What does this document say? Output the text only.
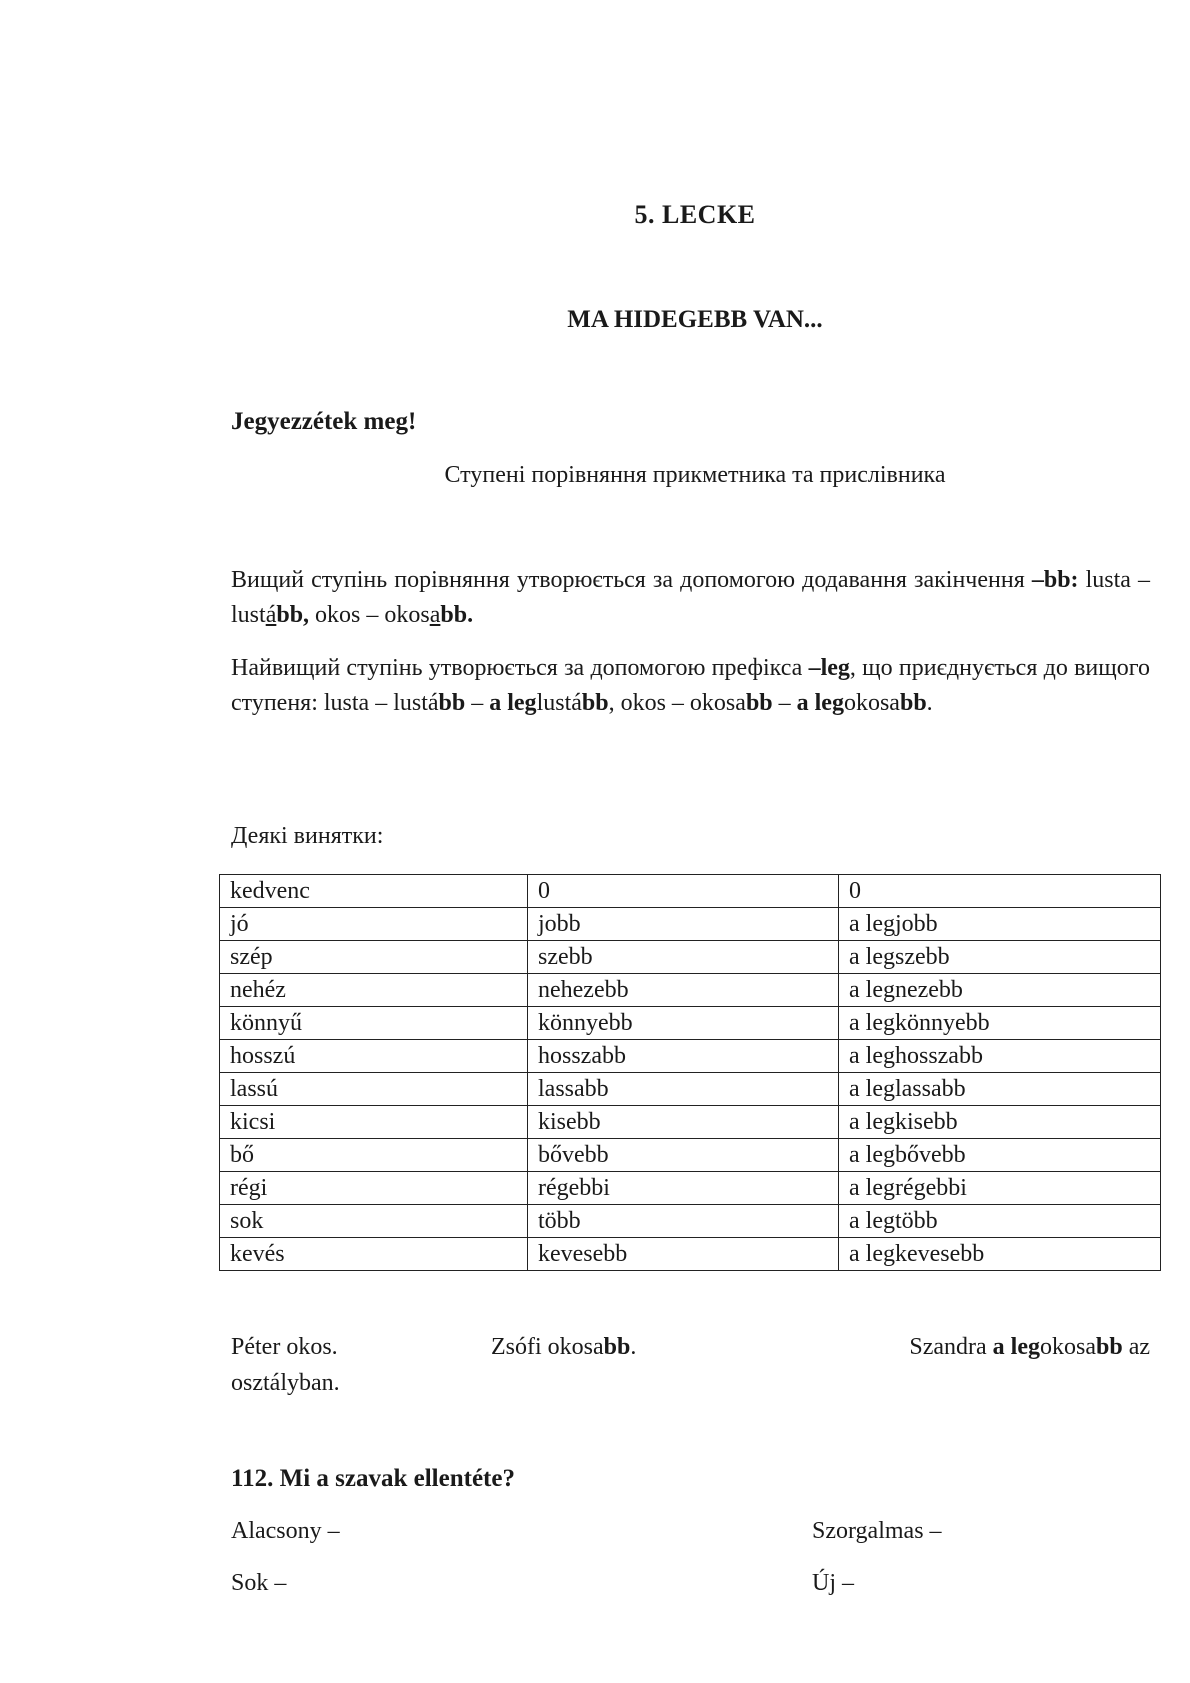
5. LECKE
MA HIDEGEBB VAN...
Jegyezzétek meg!
Ступені порівняння прикметника та прислівника
Вищий ступінь порівняння утворюється за допомогою додавання закінчення –bb: lusta – lustább, okos – okosabb.
Найвищий ступінь утворюється за допомогою префікса –leg, що приєднується до вищого ступеня: lusta – lustább – a leglustább, okos – okosabb – a legokosabb.
Деякі винятки:
kedvenc	0	0
jó	jobb	a legjobb
szép	szebb	a legszebb
nehéz	nehezebb	a legnezebb
könnyű	könnyebb	a legkönnyebb
hosszú	hosszabb	a leghosszabb
lassú	lassabb	a leglassabb
kicsi	kisebb	a legkisebb
bő	bővebb	a legbővebb
régi	régebbi	a legrégebbi
sok	több	a legtöbb
kevés	kevesebb	a legkevesebb
Péter okos.	Zsófi okosabb.	Szandra a legokosabb az
osztályban.
112. Mi a szavak ellentéte?
Alacsony –	Szorgalmas –
Sok –	Új –
